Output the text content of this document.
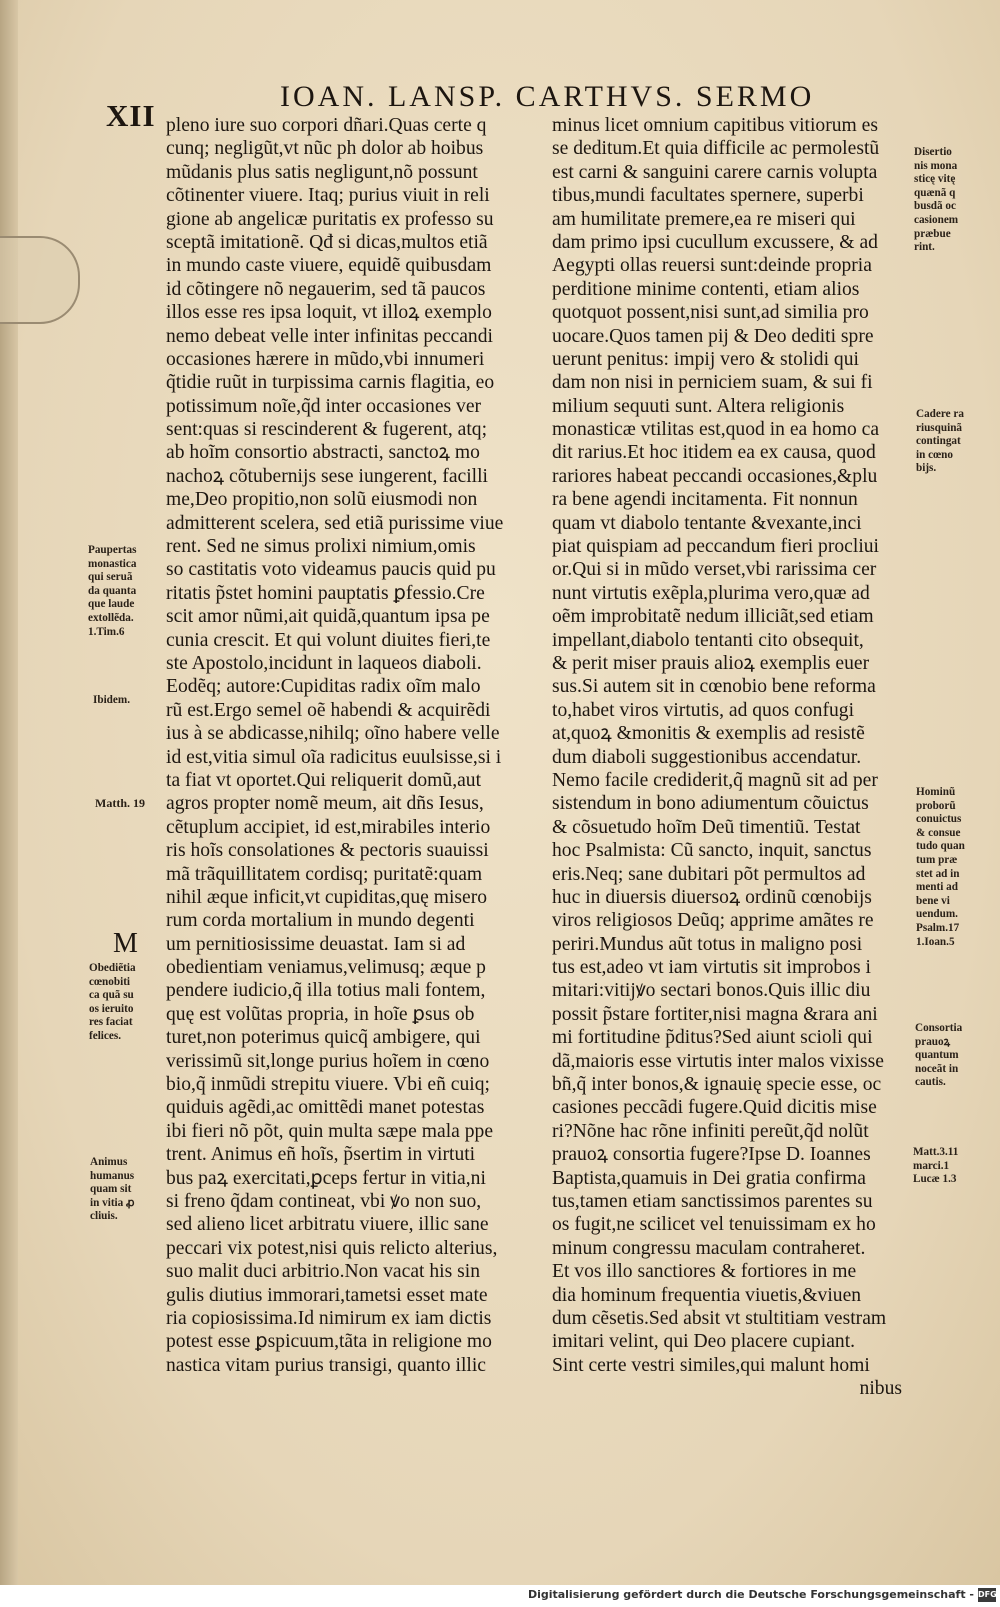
XII
IOAN. LANSP. CARTHVS. SERMO
pleno iure suo corpori dñari.Quas certe q
cunq; negligũt,vt nũc ph dolor ab hoibus
mũdanis plus satis negligunt,nõ possunt
cõtinenter viuere. Itaq; purius viuit in reli
gione ab angelicæ puritatis ex professo su
sceptã imitationẽ. Qđ si dicas,multos etiã
in mundo caste viuere, equidẽ quibusdam
id cõtingere nõ negauerim, sed tã paucos
illos esse res ipsa loquit, vt illoꝝ exemplo
nemo debeat velle inter infinitas peccandi
occasiones hærere in mũdo,vbi innumeri
q̃tidie ruũt in turpissima carnis flagitia, eo
potissimum noĩe,q̃d inter occasiones ver
sent:quas si rescinderent & fugerent, atq;
ab hoĩm consortio abstracti, sanctoꝝ mo
nachoꝝ cõtubernijs sese iungerent, facilli
me,Deo propitio,non solũ eiusmodi non
admitterent scelera, sed etiã purissime viue
rent. Sed ne simus prolixi nimium,omis
so castitatis voto videamus paucis quid pu
ritatis p̃stet homini pauptatis ꝑfessio.Cre
scit amor nũmi,ait quidã,quantum ipsa pe
cunia crescit. Et qui volunt diuites fieri,te
ste Apostolo,incidunt in laqueos diaboli.
Eodẽq; autore:Cupiditas radix oĩm malo
rũ est.Ergo semel oẽ habendi & acquirẽdi
ius à se abdicasse,nihilq; oĩno habere velle
id est,vitia simul oĩa radicitus euulsisse,si i
ta fiat vt oportet.Qui reliquerit domũ,aut
agros propter nomẽ meum, ait dñs Iesus,
cẽtuplum accipiet, id est,mirabiles interio
ris hoĩs consolationes & pectoris suauissi
mã trãquillitatem cordisq; puritatẽ:quam
nihil æque inficit,vt cupiditas,quę misero
rum corda mortalium in mundo degenti
um pernitiosissime deuastat. Iam si ad
obedientiam veniamus,velimusq; æque p
pendere iudicio,q̃ illa totius mali fontem,
quę est volũtas propria, in hoĩe ꝑsus ob
turet,non poterimus quicq̃ ambigere, qui
verissimũ sit,longe purius hoĩem in cœno
bio,q̃ inmũdi strepitu viuere. Vbi eñ cuiq;
quiduis agẽdi,ac omittẽdi manet potestas
ibi fieri nõ põt, quin multa sæpe mala ppe
trent. Animus eñ hoĩs, p̃sertim in virtuti
bus paꝝ exercitati,ꝑceps fertur in vitia,ni
si freno q̃dam contineat, vbi ꝟo non suo,
sed alieno licet arbitratu viuere, illic sane
peccari vix potest,nisi quis relicto alterius,
suo malit duci arbitrio.Non vacat his sin
gulis diutius immorari,tametsi esset mate
ria copiosissima.Id nimirum ex iam dictis
potest esse ꝑspicuum,tãta in religione mo
nastica vitam purius transigi, quanto illic
minus licet omnium capitibus vitiorum es
se deditum.Et quia difficile ac permolestũ
est carni & sanguini carere carnis volupta
tibus,mundi facultates spernere, superbi
am humilitate premere,ea re miseri qui
dam primo ipsi cucullum excussere, & ad
Aegypti ollas reuersi sunt:deinde propria
perditione minime contenti, etiam alios
quotquot possent,nisi sunt,ad similia pro
uocare.Quos tamen pij & Deo dediti spre
uerunt penitus: impij vero & stolidi qui
dam non nisi in perniciem suam, & sui fi
milium sequuti sunt. Altera religionis
monasticæ vtilitas est,quod in ea homo ca
dit rarius.Et hoc itidem ea ex causa, quod
rariores habeat peccandi occasiones,&plu
ra bene agendi incitamenta. Fit nonnun
quam vt diabolo tentante &vexante,inci
piat quispiam ad peccandum fieri procliui
or.Qui si in mũdo verset,vbi rarissima cer
nunt virtutis exẽpla,plurima vero,quæ ad
oẽm improbitatẽ nedum illiciãt,sed etiam
impellant,diabolo tentanti cito obsequit,
& perit miser prauis alioꝝ exemplis euer
sus.Si autem sit in cœnobio bene reforma
to,habet viros virtutis, ad quos confugi
at,quoꝝ &monitis & exemplis ad resistẽ
dum diaboli suggestionibus accendatur.
Nemo facile crediderit,q̃ magnũ sit ad per
sistendum in bono adiumentum cõuictus
& cõsuetudo hoĩm Deũ timentiũ. Testat
hoc Psalmista: Cũ sancto, inquit, sanctus
eris.Neq; sane dubitari põt permultos ad
huc in diuersis diuersoꝝ ordinũ cœnobijs
viros religiosos Deũq; apprime amãtes re
periri.Mundus aũt totus in maligno posi
tus est,adeo vt iam virtutis sit improbos i
mitari:vitijꝟo sectari bonos.Quis illic diu
possit p̃stare fortiter,nisi magna &rara ani
mi fortitudine p̃ditus?Sed aiunt scioli qui
dã,maioris esse virtutis inter malos vixisse
bñ,q̃ inter bonos,& ignauię specie esse, oc
casiones peccãdi fugere.Quid dicitis mise
ri?Nõne hac rõne infiniti pereũt,q̃d nolũt
prauoꝝ consortia fugere?Ipse D. Ioannes
Baptista,quamuis in Dei gratia confirma
tus,tamen etiam sanctissimos parentes su
os fugit,ne scilicet vel tenuissimam ex ho
minum congressu maculam contraheret.
Et vos illo sanctiores & fortiores in me
dia hominum frequentia viuetis,&viuen
dum cẽsetis.Sed absit vt stultitiam vestram
imitari velint, qui Deo placere cupiant.
Sint certe vestri similes,qui malunt homi
nibus
M
Paupertas
monastica
qui seruã
da quanta
que laude
extollẽda.
1.Tim.6
Ibidem.
Matth. 19
Obediẽtia
cœnobiti
ca quã su
os ieruito
res faciat
felices.
Animus
humanus
quam sit
in vitia ꝓ
cliuis.
Disertio
nis mona
sticę vitę
quænã q
busdã oc
casionem
præbue
rint.
Cadere ra
riusquinã
contingat
in cœno
bijs.
Hominũ
proborũ
conuictus
& consue
tudo quan
tum præ
stet ad in
menti ad
bene vi
uendum.
Psalm.17
1.Ioan.5
Consortia
prauoꝝ
quantum
noceãt in
cautis.
Matt.3.11
marci.1
Lucæ 1.3
Digitalisierung gefördert durch die Deutsche Forschungsgemeinschaft - DFG
